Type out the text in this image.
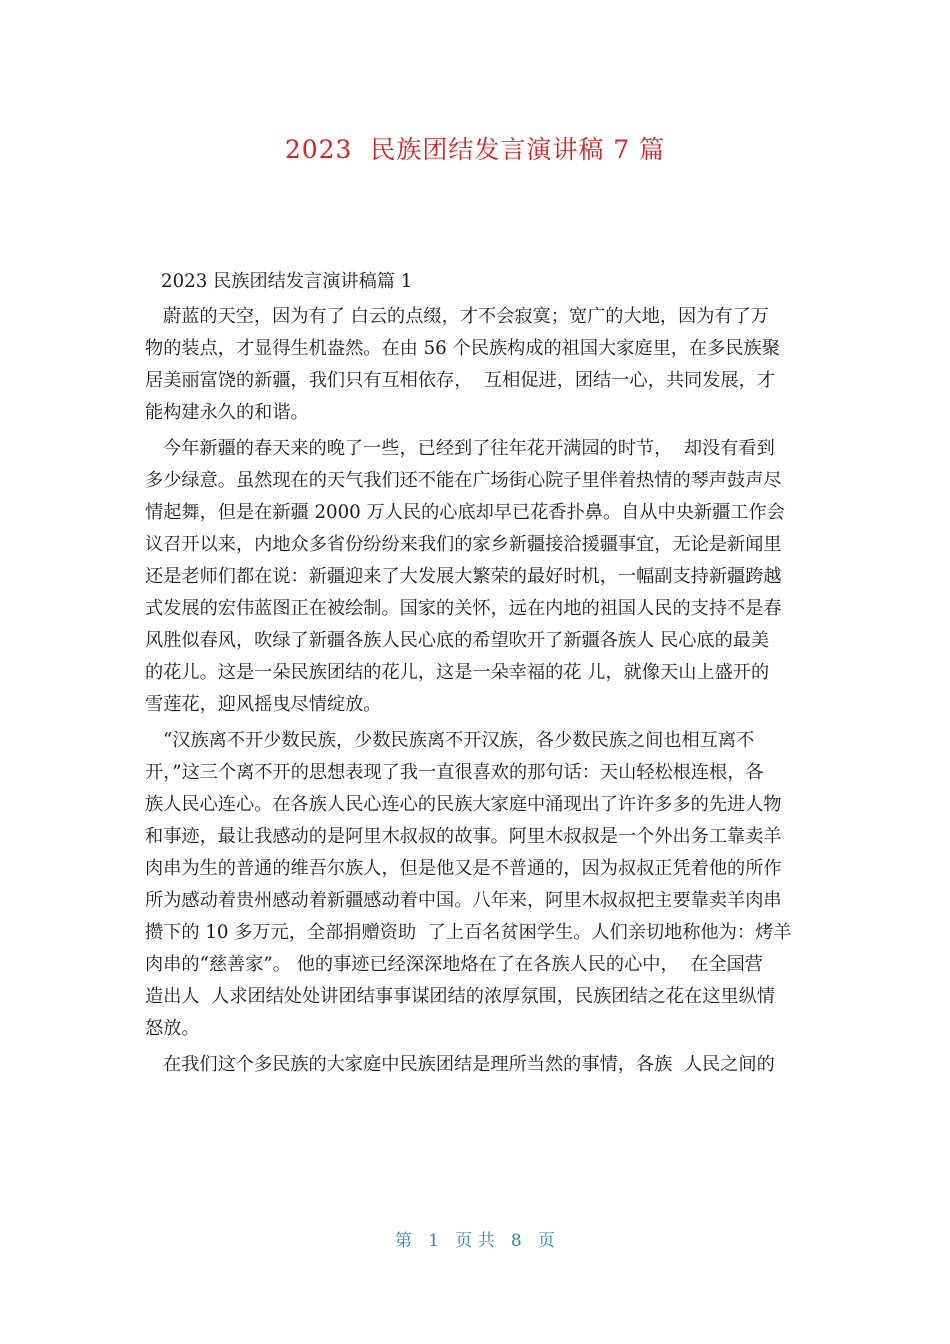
2023  民族团结发言演讲稿 7 篇
2023 民族团结发言演讲稿篇 1
蔚蓝的天空，因为有了 白云的点缀，才不会寂寞；宽广的大地，因为有了万
物的装点，才显得生机盎然。在由 56 个民族构成的祖国大家庭里，在多民族聚
居美丽富饶的新疆，我们只有互相依存，  互相促进，团结一心，共同发展，才
能构建永久的和谐。
今年新疆的春天来的晚了一些，已经到了往年花开满园的时节，  却没有看到
多少绿意。虽然现在的天气我们还不能在广场街心院子里伴着热情的琴声鼓声尽
情起舞，但是在新疆 2000 万人民的心底却早已花香扑鼻。自从中央新疆工作会
议召开以来，内地众多省份纷纷来我们的家乡新疆接洽援疆事宜，无论是新闻里
还是老师们都在说：新疆迎来了大发展大繁荣的最好时机，一幅副支持新疆跨越
式发展的宏伟蓝图正在被绘制。国家的关怀，远在内地的祖国人民的支持不是春
风胜似春风，吹绿了新疆各族人民心底的希望吹开了新疆各族人 民心底的最美
的花儿。这是一朵民族团结的花儿，这是一朵幸福的花 儿，就像天山上盛开的
雪莲花，迎风摇曳尽情绽放。
“汉族离不开少数民族，少数民族离不开汉族，各少数民族之间也相互离不
开，”这三个离不开的思想表现了我一直很喜欢的那句话：天山轻松根连根，各
族人民心连心。在各族人民心连心的民族大家庭中涌现出了许许多多的先进人物
和事迹，最让我感动的是阿里木叔叔的故事。阿里木叔叔是一个外出务工靠卖羊
肉串为生的普通的维吾尔族人，但是他又是不普通的，因为叔叔正凭着他的所作
所为感动着贵州感动着新疆感动着中国。八年来，阿里木叔叔把主要靠卖羊肉串
攒下的 10 多万元，全部捐赠资助  了上百名贫困学生。人们亲切地称他为：烤羊
肉串的“慈善家”。 他的事迹已经深深地烙在了在各族人民的心中，  在全国营
造出人  人求团结处处讲团结事事谋团结的浓厚氛围，民族团结之花在这里纵情
怒放。
在我们这个多民族的大家庭中民族团结是理所当然的事情，各族  人民之间的
第   1   页 共   8   页
